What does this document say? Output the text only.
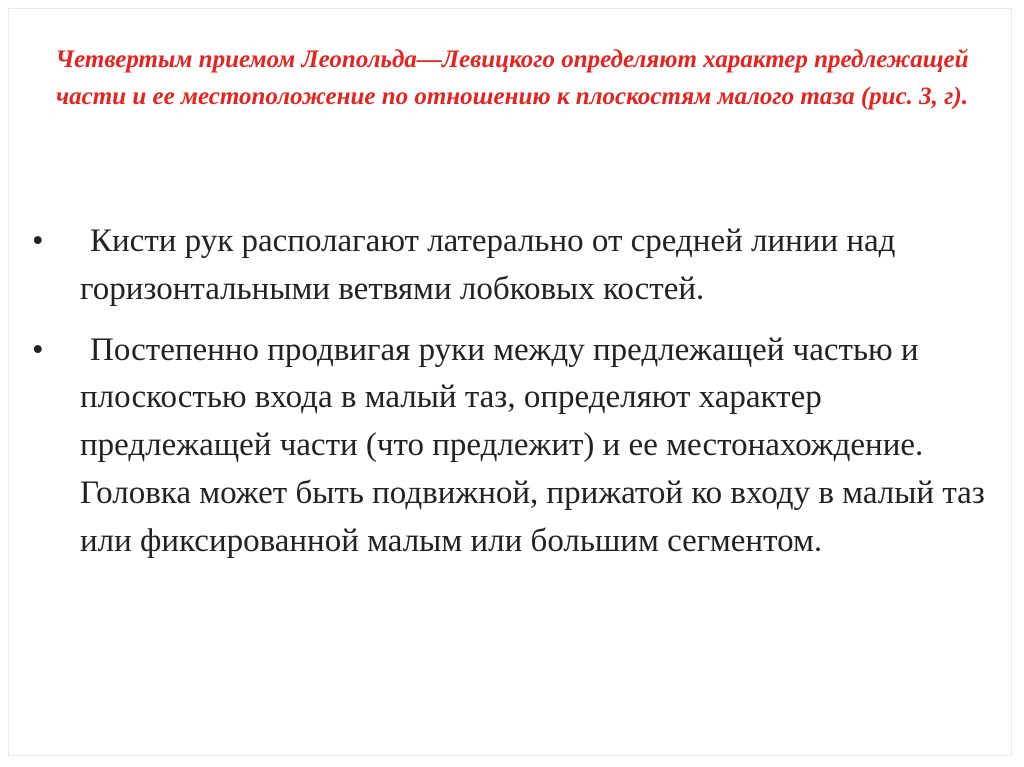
Четвертым приемом Леопольда—Левицкого определяют характер предлежащей части и ее местоположение по отношению к плоскостям малого таза (рис. 3, г).
•	Кисти рук располагают латерально от средней линии над горизонтальными ветвями лобковых костей.
•	Постепенно продвигая руки между предлежащей частью и плоскостью входа в малый таз, определяют характер предлежащей части (что предлежит) и ее местонахождение. Головка может быть подвижной, прижатой ко входу в малый таз или фиксированной малым или большим сегментом.
